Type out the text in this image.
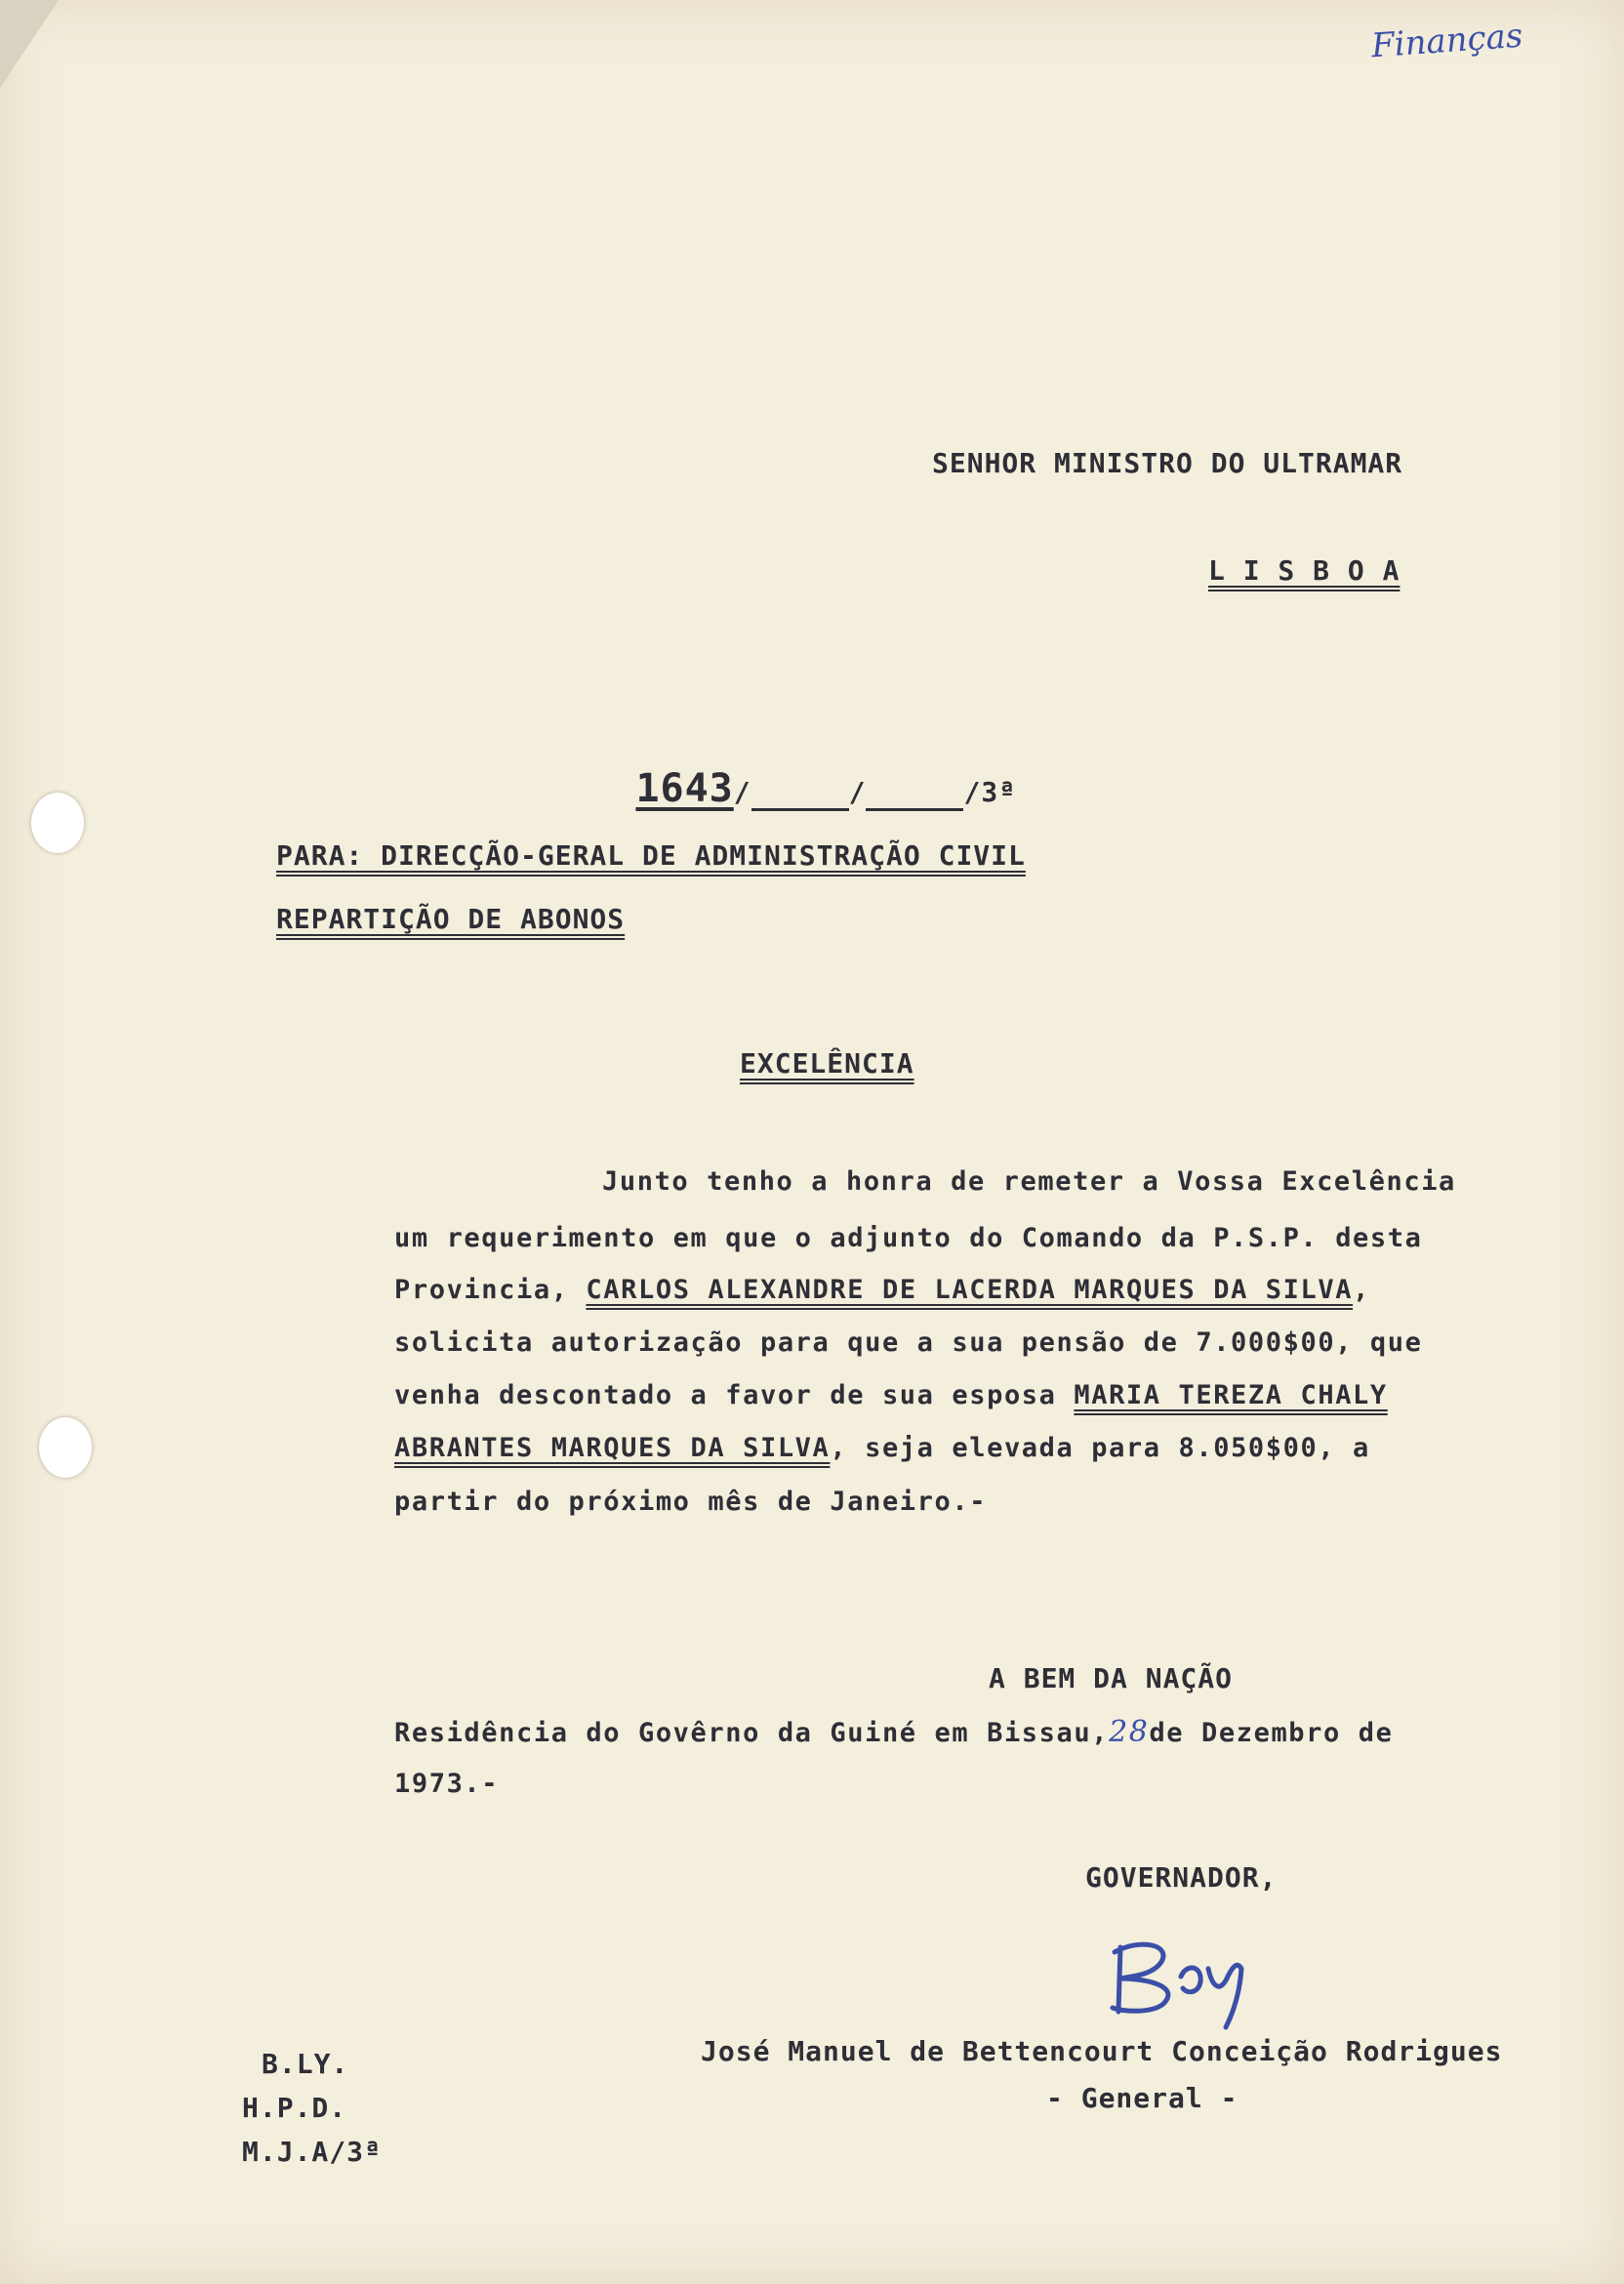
Finanças
SENHOR MINISTRO DO ULTRAMAR
L I S B O A

1643/	/	/3ª

PARA: DIRECÇÃO-GERAL DE ADMINISTRAÇÃO CIVIL
REPARTIÇÃO DE ABONOS
EXCELÊNCIA
Junto tenho a honra de remeter a Vossa Excelência
um requerimento em que o adjunto do Comando da P.S.P. desta
Provincia, CARLOS ALEXANDRE DE LACERDA MARQUES DA SILVA,
solicita autorização para que a sua pensão de 7.000$00, que
venha descontado a favor de sua esposa MARIA TEREZA CHALY
ABRANTES MARQUES DA SILVA, seja elevada para 8.050$00, a
partir do próximo mês de Janeiro.-
A BEM DA NAÇÃO
Residência do Govêrno da Guiné em Bissau,28de Dezembro de
1973.-
GOVERNADOR,
José Manuel de Bettencourt Conceição Rodrigues
- General -
B.LY.
H.P.D.
M.J.A/3ª
